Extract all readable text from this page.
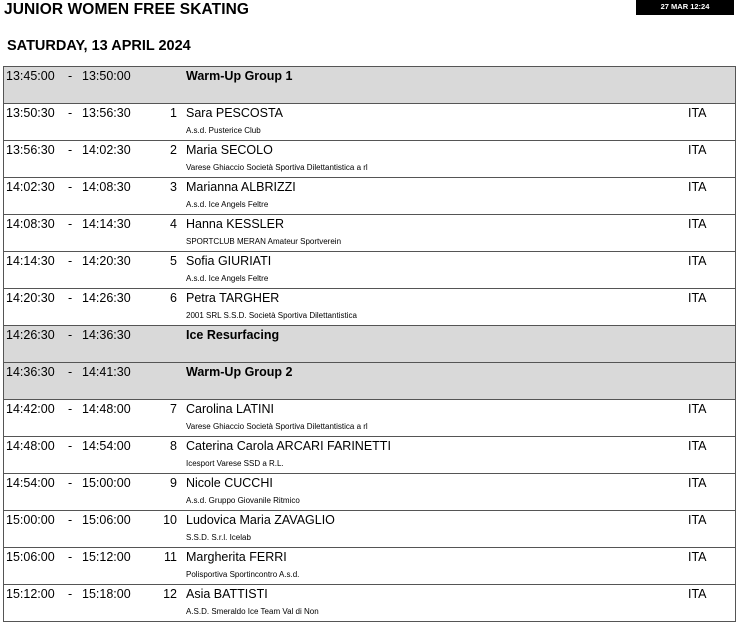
JUNIOR WOMEN FREE SKATING	27 MAR 12:24
SATURDAY, 13 APRIL 2024
13:45:00 - 13:50:00	Warm-Up Group 1
13:50:30 - 13:56:30	1 Sara PESCOSTA
A.s.d. Pusterice Club
ITA
13:56:30 - 14:02:30	2 Maria SECOLO
Varese Ghiaccio Società Sportiva Dilettantistica a rl
ITA
14:02:30 - 14:08:30	3 Marianna ALBRIZZI
A.s.d. Ice Angels Feltre
ITA
14:08:30 - 14:14:30	4 Hanna KESSLER
SPORTCLUB MERAN Amateur Sportverein
ITA
14:14:30 - 14:20:30	5 Sofia GIURIATI
A.s.d. Ice Angels Feltre
ITA
14:20:30 - 14:26:30	6 Petra TARGHER
2001 SRL S.S.D. Società Sportiva Dilettantistica
ITA
14:26:30 - 14:36:30	Ice Resurfacing
14:36:30 - 14:41:30	Warm-Up Group 2
14:42:00 - 14:48:00	7 Carolina LATINI
Varese Ghiaccio Società Sportiva Dilettantistica a rl
ITA
14:48:00 - 14:54:00	8 Caterina Carola ARCARI FARINETTI
Icesport Varese SSD a R.L.
ITA
14:54:00 - 15:00:00	9 Nicole CUCCHI
A.s.d. Gruppo Giovanile Ritmico
ITA
15:00:00 - 15:06:00	10 Ludovica Maria ZAVAGLIO
S.S.D. S.r.l. Icelab
ITA
15:06:00 - 15:12:00	11 Margherita FERRI
Polisportiva Sportincontro A.s.d.
ITA
15:12:00 - 15:18:00	12 Asia BATTISTI
A.S.D. Smeraldo Ice Team Val di Non
ITA
